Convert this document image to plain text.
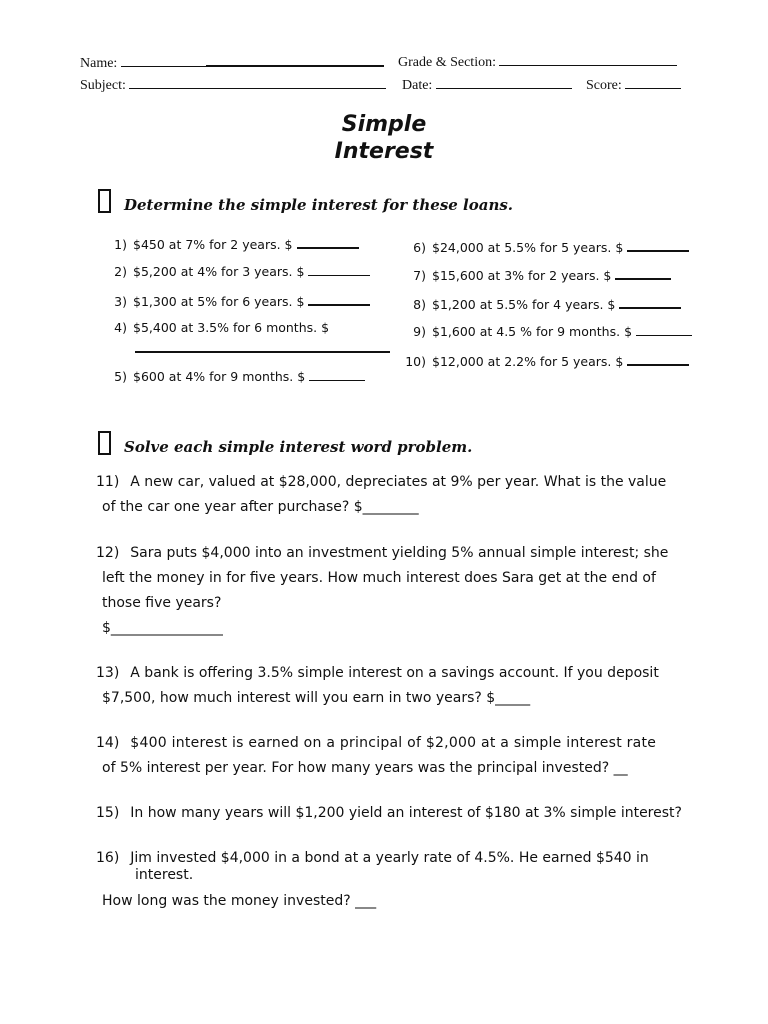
Name:	Grade & Section:
Subject:	Date:	Score:
Simple
Interest
Determine the simple interest for these loans.
1) $450 at 7% for 2 years. $
2) $5,200 at 4% for 3 years. $
3) $1,300 at 5% for 6 years. $
4) $5,400 at 3.5% for 6 months. $
5) $600 at 4% for 9 months. $
6) $24,000 at 5.5% for 5 years. $
7) $15,600 at 3% for 2 years. $
8) $1,200 at 5.5% for 4 years. $
9) $1,600 at 4.5 % for 9 months. $
10) $12,000 at 2.2% for 5 years. $
Solve each simple interest word problem.
11) A new car, valued at $28,000, depreciates at 9% per year. What is the value
of the car one year after purchase? $________
12) Sara puts $4,000 into an investment yielding 5% annual simple interest; she
left the money in for five years. How much interest does Sara get at the end of
those five years?
$________________
13) A bank is offering 3.5% simple interest on a savings account. If you deposit
$7,500, how much interest will you earn in two years? $_____
14) $400 interest is earned on a principal of $2,000 at a simple interest rate
of 5% interest per year. For how many years was the principal invested? __
15) In how many years will $1,200 yield an interest of $180 at 3% simple interest?
16) Jim invested $4,000 in a bond at a yearly rate of 4.5%. He earned $540 in
interest.
How long was the money invested? ___
